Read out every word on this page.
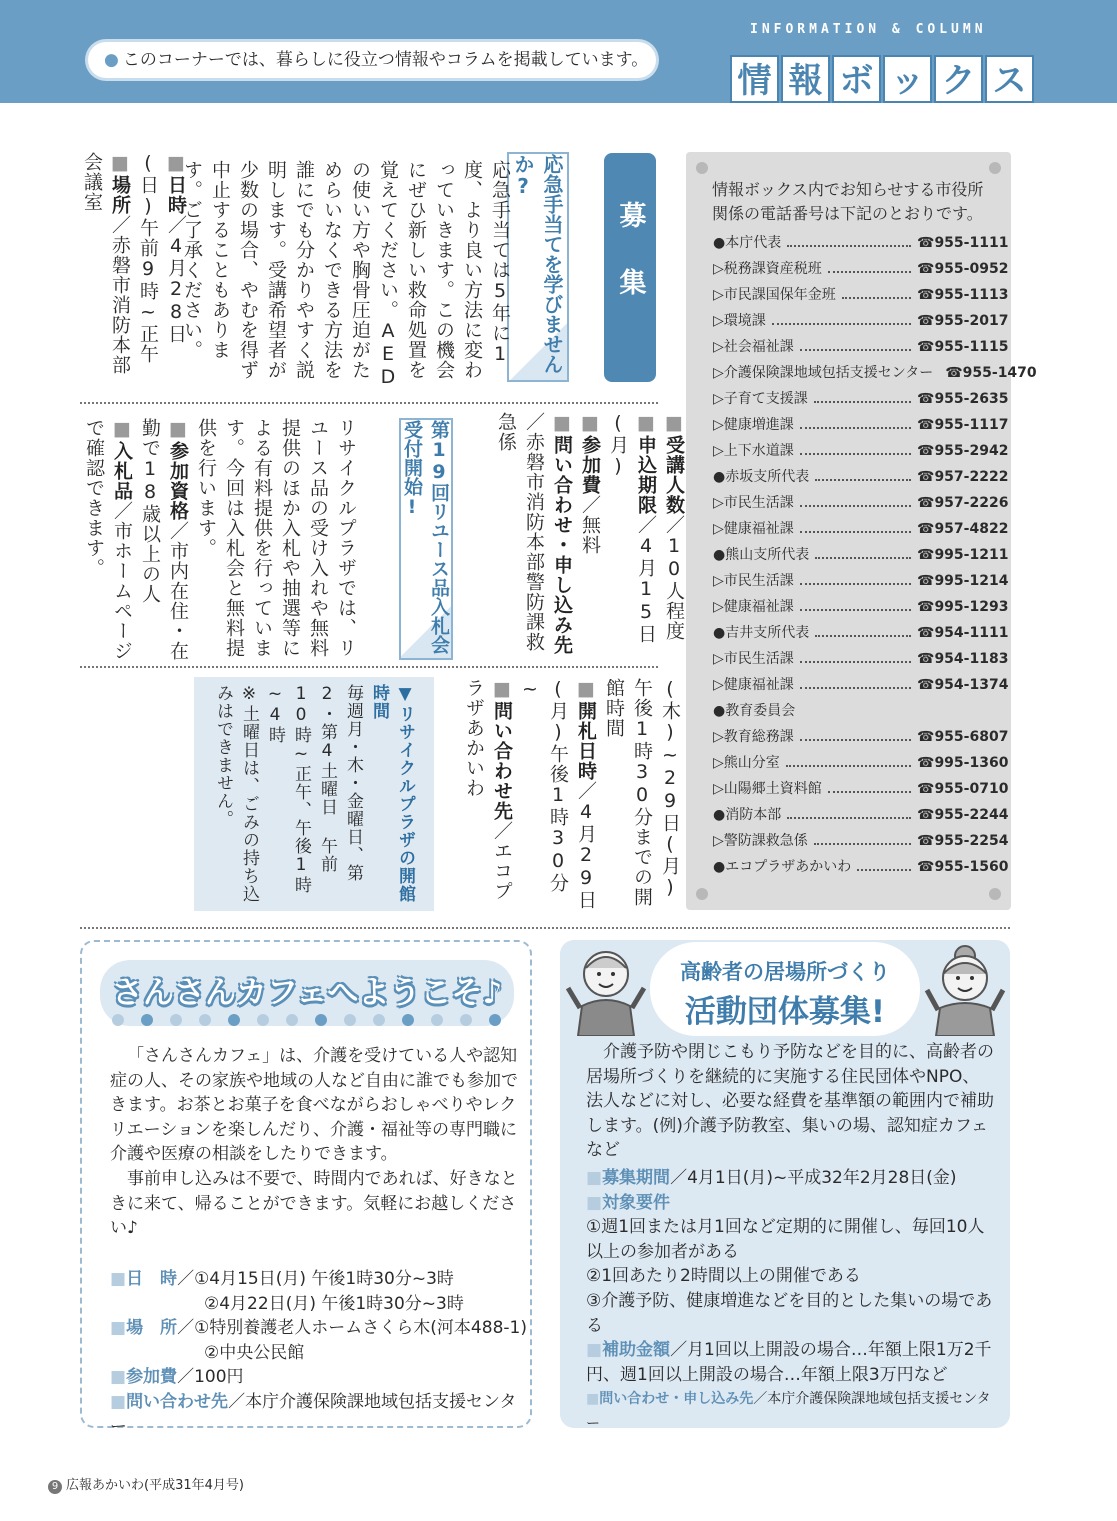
● このコーナーでは、暮らしに役立つ情報やコラムを掲載しています。
INFORMATION & COLUMN
情 報 ボ ッ ク ス
募集
応急手当てを学びませんか?
応急手当ては5年に1度、より良い方法に変わっていきます。この機会にぜひ新しい救命処置を覚えてください。AEDの使い方や胸骨圧迫がためらいなくできる方法を誰にでも分かりやすく説明します。受講希望者が少数の場合、やむを得ず中止することもあります。ご了承ください。
■日時／4月28日(日)午前9時~正午
■場所／赤磐市消防本部会議室
■受講人数／10人程度
■申込期限／4月15日(月)
■参加費／無料
■問い合わせ・申し込み先／赤磐市消防本部警防課救急係
第19回リユース品入札会受付開始!
リサイクルプラザでは、リユース品の受け入れや無料提供のほか入札や抽選等による有料提供を行っています。今回は入札会と無料提供を行います。
■参加資格／市内在住・在勤で18歳以上の人
■入札品／市ホームページで確認できます。
(木)~29日(月)午後1時30分までの開館時間
■開札日時／4月29日(月)午後1時30分~
■問い合わせ先／エコプラザあかいわ
▼リサイクルプラザの開館時間
毎週月・木・金曜日、第2・第4土曜日 午前10時~正午、午後1時~4時
※土曜日は、ごみの持ち込みはできません。
情報ボックス内でお知らせする市役所関係の電話番号は下記のとおりです。
●本庁代表	☎955-1111
▷税務課資産税班	☎955-0952
▷市民課国保年金班	☎955-1113
▷環境課	☎955-2017
▷社会福祉課	☎955-1115
▷介護保険課地域包括支援センター ☎955-1470
▷子育て支援課	☎955-2635
▷健康増進課	☎955-1117
▷上下水道課	☎955-2942
●赤坂支所代表	☎957-2222
▷市民生活課	☎957-2226
▷健康福祉課	☎957-4822
●熊山支所代表	☎995-1211
▷市民生活課	☎995-1214
▷健康福祉課	☎995-1293
●吉井支所代表	☎954-1111
▷市民生活課	☎954-1183
▷健康福祉課	☎954-1374
●教育委員会
▷教育総務課	☎955-6807
▷熊山分室	☎995-1360
▷山陽郷土資料館	☎955-0710
●消防本部	☎955-2244
▷警防課救急係	☎955-2254
●エコプラザあかいわ	☎955-1560
さんさんカフェへようこそ♪
「さんさんカフェ」は、介護を受けている人や認知症の人、その家族や地域の人など自由に誰でも参加できます。お茶とお菓子を食べながらおしゃべりやレクリエーションを楽しんだり、介護・福祉等の専門職に介護や医療の相談をしたりできます。
事前申し込みは不要で、時間内であれば、好きなときに来て、帰ることができます。気軽にお越しください♪
■日　時／①4月15日(月) 午後1時30分~3時
②4月22日(月) 午後1時30分~3時
■場　所／①特別養護老人ホームさくら木(河本488-1)
②中央公民館
■参加費／100円
■問い合わせ先／本庁介護保険課地域包括支援センター
高齢者の居場所づくり
活動団体募集!
介護予防や閉じこもり予防などを目的に、高齢者の居場所づくりを継続的に実施する住民団体やNPO、法人などに対し、必要な経費を基準額の範囲内で補助します。(例)介護予防教室、集いの場、認知症カフェ　など
■募集期間／4月1日(月)~平成32年2月28日(金)
■対象要件
①週1回または月1回など定期的に開催し、毎回10人以上の参加者がある
②1回あたり2時間以上の開催である
③介護予防、健康増進などを目的とした集いの場である
■補助金額／月1回以上開設の場合…年額上限1万2千円、週1回以上開設の場合…年額上限3万円など
■問い合わせ・申し込み先／本庁介護保険課地域包括支援センター
9 広報あかいわ(平成31年4月号)
